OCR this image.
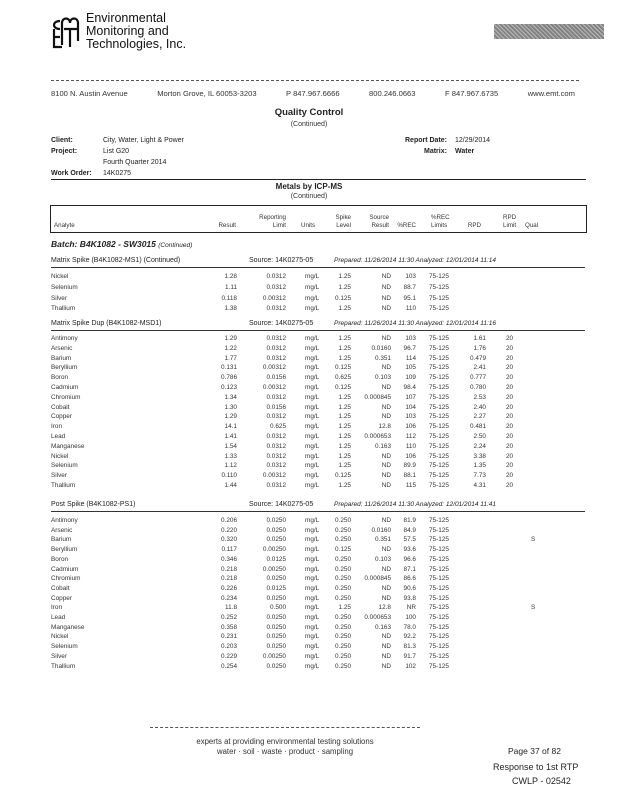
Environmental
Monitoring and
Technologies, Inc.
8100 N. Austin Avenue	Morton Grove, IL 60053-3203	P 847.967.6666	800.246.0663	F 847.967.6735	www.emt.com
Quality Control
(Continued)
Client:	City, Water, Light & Power
Project:	List G20
Fourth Quarter 2014
Work Order: 14K0275
Report Date: 12/29/2014
Matrix: Water
Metals by ICP-MS
(Continued)
Analyte	Result
Reporting
Limit Units
Spike
Level
Source
Result	%REC
%REC
Limits	RPD
RPD
Limit Qual
Batch: B4K1082 - SW3015 (Continued)
Matrix Spike (B4K1082-MS1) (Continued)	Source: 14K0275-05	Prepared: 11/26/2014 11:30 Analyzed: 12/01/2014 11:14
Nickel	1.28	0.0312	mg/L	1.25	ND	103 75-125
Selenium	1.11	0.0312	mg/L	1.25	ND	88.7 75-125
Silver	0.118	0.00312	mg/L	0.125	ND	95.1 75-125
Thallium	1.38	0.0312	mg/L	1.25	ND	110 75-125
Matrix Spike Dup (B4K1082-MSD1)	Source: 14K0275-05	Prepared: 11/26/2014 11:30 Analyzed: 12/01/2014 11:16
Antimony	1.29	0.0312	mg/L	1.25	ND	103 75-125	1.61	20
Arsenic	1.22	0.0312	mg/L	1.25	0.0160	96.7 75-125	1.76	20
Barium	1.77	0.0312	mg/L	1.25	0.351	114 75-125	0.479	20
Beryllium	0.131	0.00312	mg/L	0.125	ND	105 75-125	2.41	20
Boron	0.786	0.0156	mg/L	0.625	0.103	109 75-125	0.777	20
Cadmium	0.123	0.00312	mg/L	0.125	ND	98.4 75-125	0.780	20
Chromium	1.34	0.0312	mg/L	1.25	0.000845	107 75-125	2.53	20
Cobalt	1.30	0.0156	mg/L	1.25	ND	104 75-125	2.40	20
Copper	1.29	0.0312	mg/L	1.25	ND	103 75-125	2.27	20
Iron	14.1	0.625	mg/L	1.25	12.8	106 75-125	0.481	20
Lead	1.41	0.0312	mg/L	1.25	0.000653	112 75-125	2.50	20
Manganese	1.54	0.0312	mg/L	1.25	0.163	110 75-125	2.24	20
Nickel	1.33	0.0312	mg/L	1.25	ND	106 75-125	3.38	20
Selenium	1.12	0.0312	mg/L	1.25	ND	89.9 75-125	1.35	20
Silver	0.110	0.00312	mg/L	0.125	ND	88.1 75-125	7.73	20
Thallium	1.44	0.0312	mg/L	1.25	ND	115 75-125	4.31	20
Post Spike (B4K1082-PS1)	Source: 14K0275-05	Prepared: 11/26/2014 11:30 Analyzed: 12/01/2014 11:41
Antimony	0.206	0.0250	mg/L	0.250	ND	81.9 75-125
Arsenic	0.220	0.0250	mg/L	0.250	0.0160	84.9 75-125
Barium	0.320	0.0250	mg/L	0.250	0.351	57.5 75-125	S
Beryllium	0.117	0.00250	mg/L	0.125	ND	93.6 75-125
Boron	0.346	0.0125	mg/L	0.250	0.103	96.6 75-125
Cadmium	0.218	0.00250	mg/L	0.250	ND	87.1 75-125
Chromium	0.218	0.0250	mg/L	0.250	0.000845	86.6 75-125
Cobalt	0.226	0.0125	mg/L	0.250	ND	90.6 75-125
Copper	0.234	0.0250	mg/L	0.250	ND	93.8 75-125
Iron	11.8	0.500	mg/L	1.25	12.8	NR 75-125	S
Lead	0.252	0.0250	mg/L	0.250	0.000653	100 75-125
Manganese	0.358	0.0250	mg/L	0.250	0.163	78.0 75-125
Nickel	0.231	0.0250	mg/L	0.250	ND	92.2 75-125
Selenium	0.203	0.0250	mg/L	0.250	ND	81.3 75-125
Silver	0.229	0.00250	mg/L	0.250	ND	91.7 75-125
Thallium	0.254	0.0250	mg/L	0.250	ND	102 75-125
experts at providing environmental testing solutions
water · soil · waste · product · sampling	Page 37 of 82
Response to 1st RTP
CWLP - 02542
